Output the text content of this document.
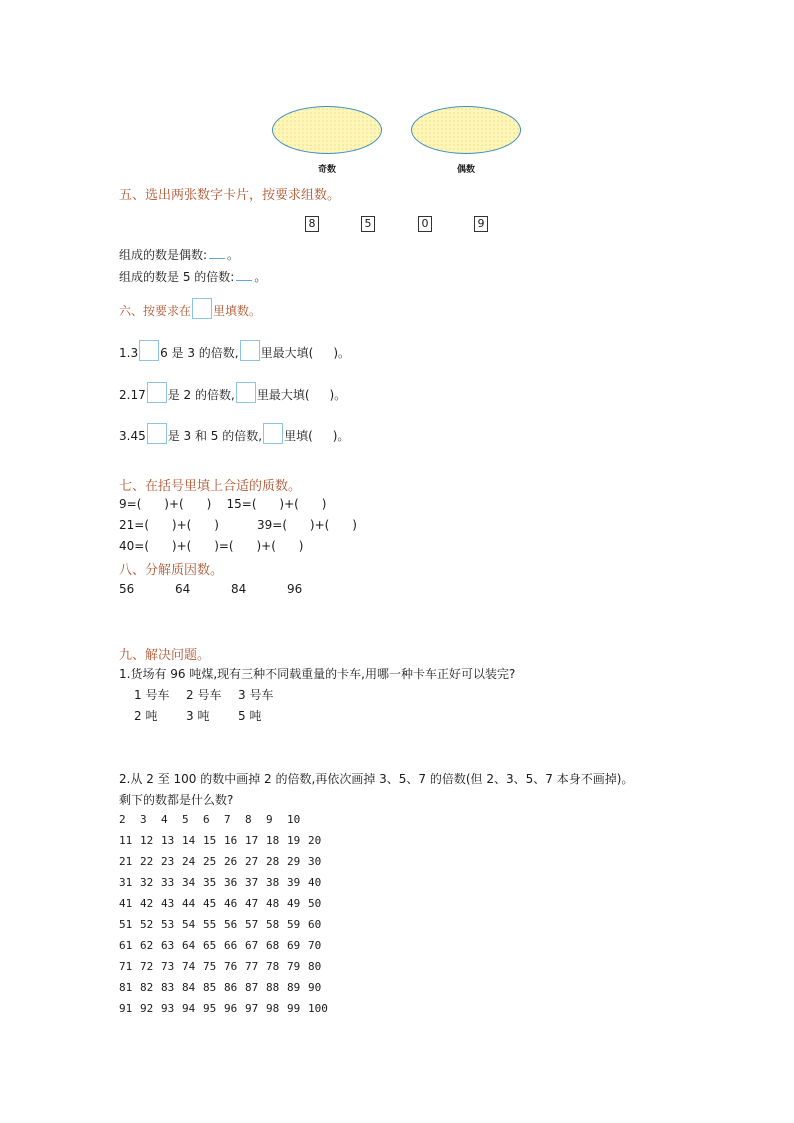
奇数	偶数
五、选出两张数字卡片，按要求组数。
8	5	0	9
组成的数是偶数: 。
组成的数是 5 的倍数: 。
六、按要求在 里填数。
1.3 6 是 3 的倍数, 里最大填( )。
2.17 是 2 的倍数, 里最大填( )。
3.45 是 3 和 5 的倍数, 里填( )。
七、在括号里填上合适的质数。
9=(      )+(      )    15=(      )+(      )
21=(      )+(      )          39=(      )+(      )
40=(      )+(      )=(      )+(      )
八、分解质因数。
56	64	84	96
九、解决问题。
1.货场有 96 吨煤,现有三种不同载重量的卡车,用哪一种卡车正好可以装完?
1 号车 2 号车 3 号车
2 吨 3 吨 5 吨
2.从 2 至 100 的数中画掉 2 的倍数,再依次画掉 3、5、7 的倍数(但 2、3、5、7 本身不画掉)。
剩下的数都是什么数?
2 3 4 5 6 7 8 9 10
11 12 13 14 15 16 17 18 19 20
21 22 23 24 25 26 27 28 29 30
31 32 33 34 35 36 37 38 39 40
41 42 43 44 45 46 47 48 49 50
51 52 53 54 55 56 57 58 59 60
61 62 63 64 65 66 67 68 69 70
71 72 73 74 75 76 77 78 79 80
81 82 83 84 85 86 87 88 89 90
91 92 93 94 95 96 97 98 99 100
